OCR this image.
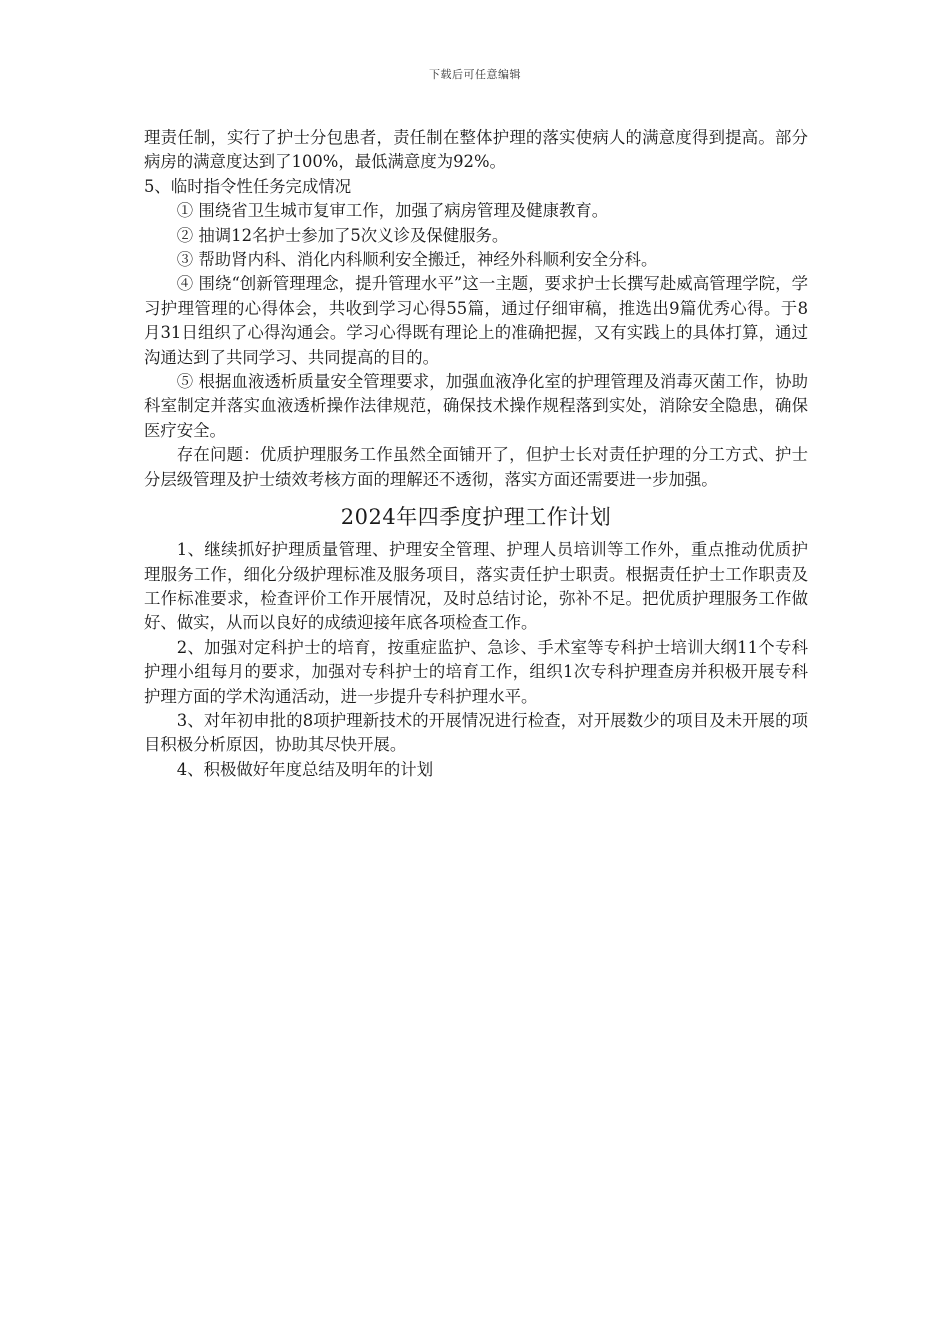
下载后可任意编辑

理责任制，实行了护士分包患者，责任制在整体护理的落实使病人的满意度得到提高。部分病房的满意度达到了100%，最低满意度为92%。

5、临时指令性任务完成情况

① 围绕省卫生城市复审工作，加强了病房管理及健康教育。

② 抽调12名护士参加了5次义诊及保健服务。

③ 帮助肾内科、消化内科顺利安全搬迁，神经外科顺利安全分科。

④ 围绕“创新管理理念，提升管理水平”这一主题，要求护士长撰写赴威高管理学院，学习护理管理的心得体会，共收到学习心得55篇，通过仔细审稿，推选出9篇优秀心得。于8月31日组织了心得沟通会。学习心得既有理论上的准确把握，又有实践上的具体打算，通过沟通达到了共同学习、共同提高的目的。

⑤ 根据血液透析质量安全管理要求，加强血液净化室的护理管理及消毒灭菌工作，协助科室制定并落实血液透析操作法律规范，确保技术操作规程落到实处，消除安全隐患，确保医疗安全。

存在问题：优质护理服务工作虽然全面铺开了，但护士长对责任护理的分工方式、护士分层级管理及护士绩效考核方面的理解还不透彻，落实方面还需要进一步加强。

2024年四季度护理工作计划

1、继续抓好护理质量管理、护理安全管理、护理人员培训等工作外，重点推动优质护理服务工作，细化分级护理标准及服务项目，落实责任护士职责。根据责任护士工作职责及工作标准要求，检查评价工作开展情况，及时总结讨论，弥补不足。把优质护理服务工作做好、做实，从而以良好的成绩迎接年底各项检查工作。

2、加强对定科护士的培育，按重症监护、急诊、手术室等专科护士培训大纲11个专科护理小组每月的要求，加强对专科护士的培育工作，组织1次专科护理查房并积极开展专科护理方面的学术沟通活动，进一步提升专科护理水平。

3、对年初申批的8项护理新技术的开展情况进行检查，对开展数少的项目及未开展的项目积极分析原因，协助其尽快开展。

4、积极做好年度总结及明年的计划
